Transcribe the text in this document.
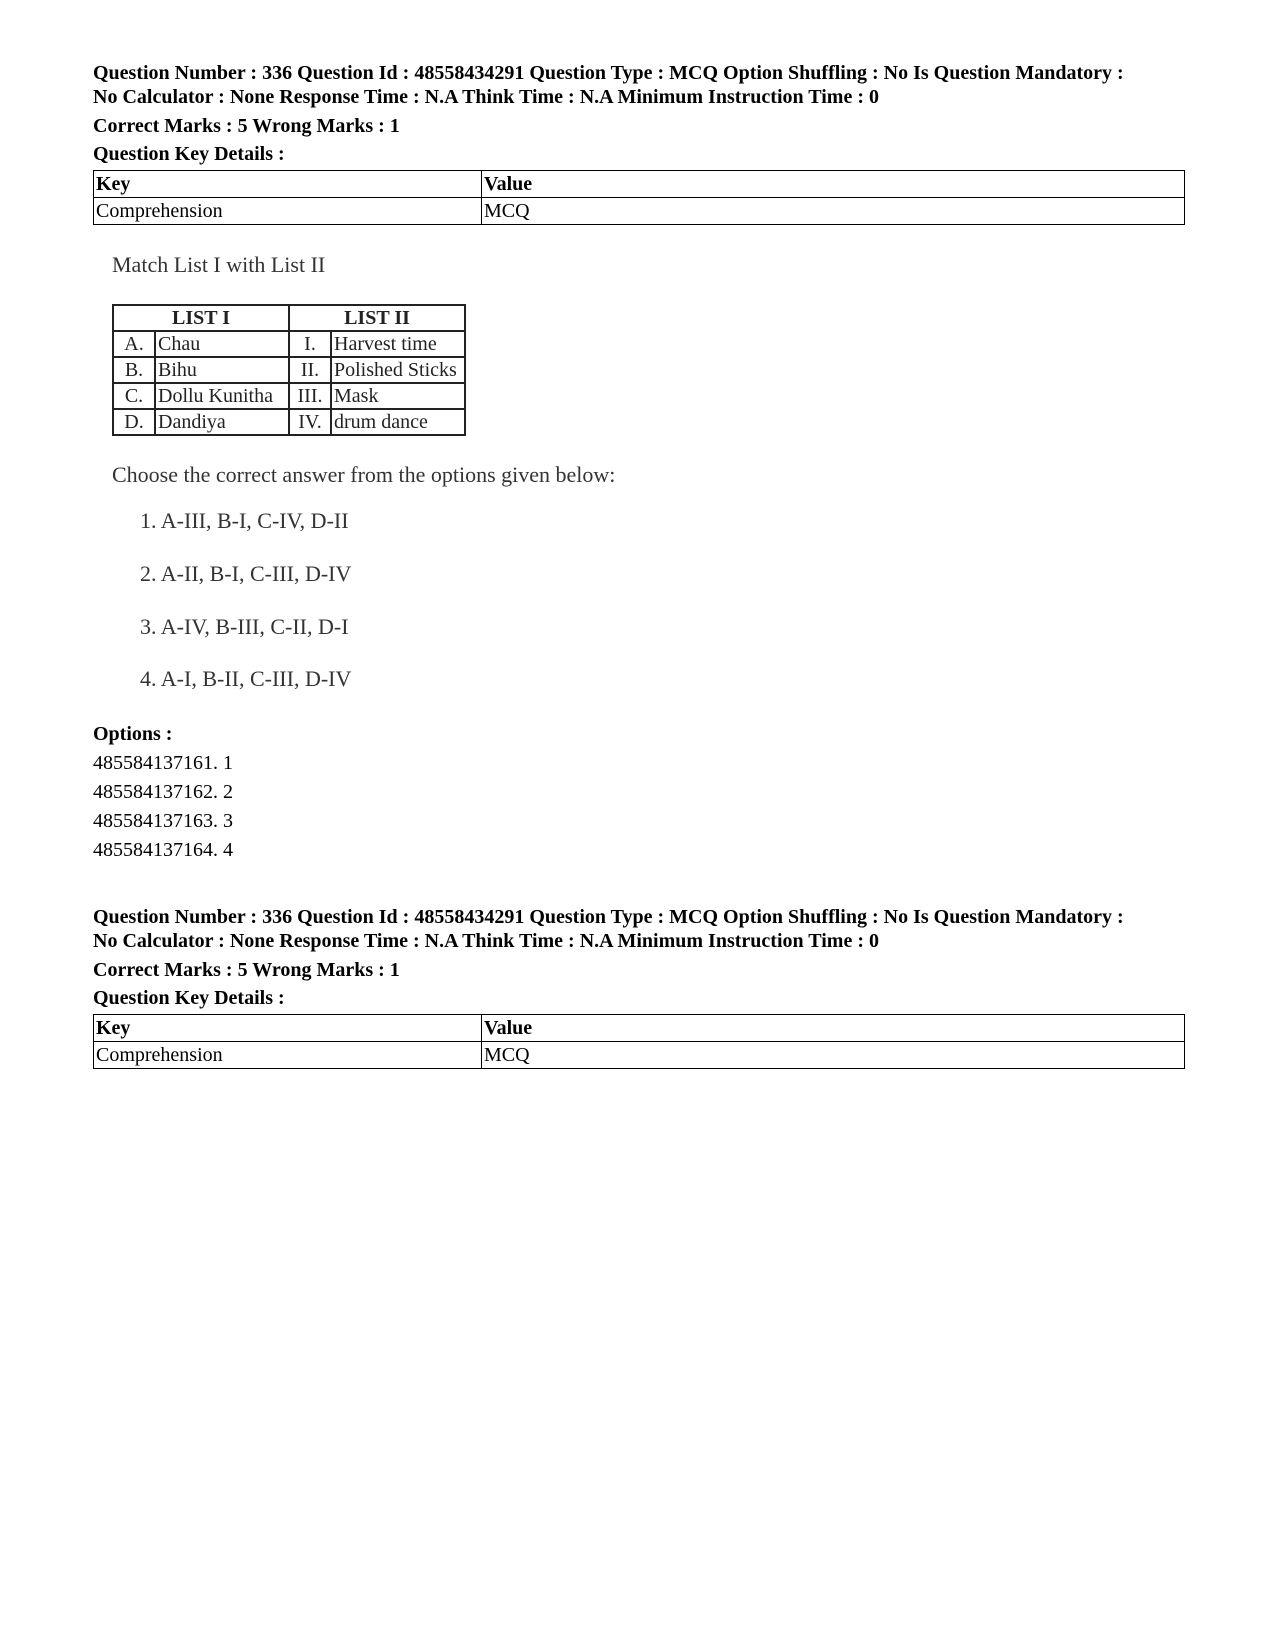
Question Number : 336 Question Id : 48558434291 Question Type : MCQ Option Shuffling : No Is Question Mandatory :
No Calculator : None Response Time : N.A Think Time : N.A Minimum Instruction Time : 0
Correct Marks : 5 Wrong Marks : 1
Question Key Details :
Key	Value
Comprehension	MCQ
Match List I with List II
LIST I		LIST II	
A.	Chau	I.	Harvest time
B.	Bihu	II.	Polished Sticks
C.	Dollu Kunitha	III.	Mask
D.	Dandiya	IV.	drum dance
Choose the correct answer from the options given below:
1. A-III, B-I, C-IV, D-II
2. A-II, B-I, C-III, D-IV
3. A-IV, B-III, C-II, D-I
4. A-I, B-II, C-III, D-IV
Options :
485584137161. 1
485584137162. 2
485584137163. 3
485584137164. 4
Question Number : 336 Question Id : 48558434291 Question Type : MCQ Option Shuffling : No Is Question Mandatory :
No Calculator : None Response Time : N.A Think Time : N.A Minimum Instruction Time : 0
Correct Marks : 5 Wrong Marks : 1
Question Key Details :
Key	Value
Comprehension	MCQ
